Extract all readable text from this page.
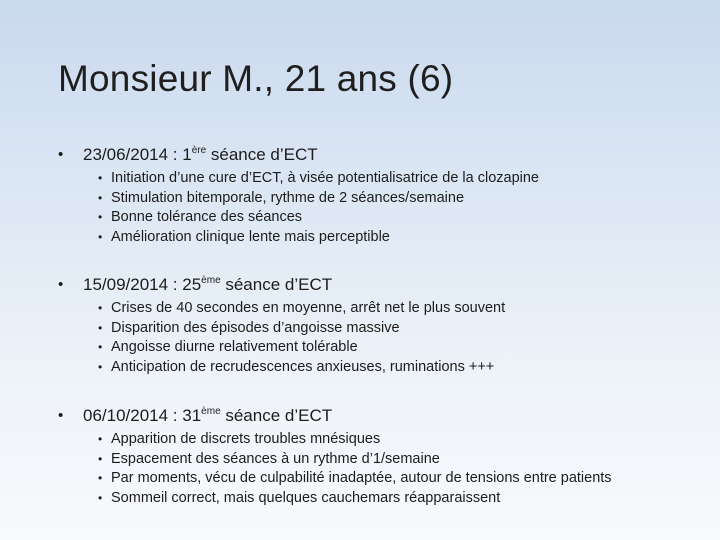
Monsieur M., 21 ans (6)
• 23/06/2014 : 1ère séance d’ECT
• Initiation d’une cure d’ECT, à visée potentialisatrice de la clozapine
• Stimulation bitemporale, rythme de 2 séances/semaine
• Bonne tolérance des séances
• Amélioration clinique lente mais perceptible
• 15/09/2014 : 25ème séance d’ECT
• Crises de 40 secondes en moyenne, arrêt net le plus souvent
• Disparition des épisodes d’angoisse massive
• Angoisse diurne relativement tolérable
• Anticipation de recrudescences anxieuses, ruminations +++
• 06/10/2014 : 31ème séance d’ECT
• Apparition de discrets troubles mnésiques
• Espacement des séances à un rythme d’1/semaine
• Par moments, vécu de culpabilité inadaptée, autour de tensions entre patients
• Sommeil correct, mais quelques cauchemars réapparaissent
